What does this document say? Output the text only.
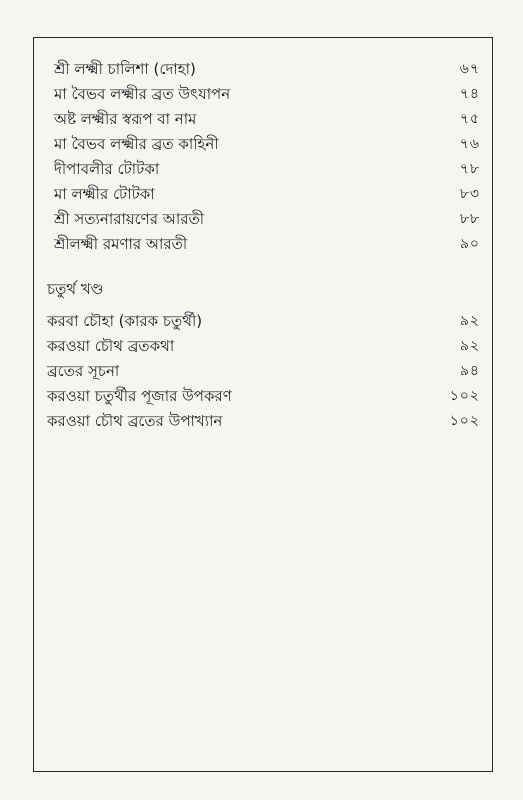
শ্রী লক্ষ্মী চালিশা (দোহা)	৬৭
মা বৈভব লক্ষ্মীর ব্রত উৎযাপন	৭৪
অষ্ট লক্ষ্মীর স্বরূপ বা নাম	৭৫
মা বৈভব লক্ষ্মীর ব্রত কাহিনী	৭৬
দীপাবলীর টোটকা	৭৮
মা লক্ষ্মীর টোটকা	৮৩
শ্রী সত্যনারায়ণের আরতী	৮৮
শ্রীলক্ষ্মী রমণার আরতী	৯০
চতুর্থ খণ্ড
করবা চৌহা (কারক চতুর্থী)	৯২
করওয়া চৌথ ব্রতকথা	৯২
ব্রতের সূচনা	৯৪
করওয়া চতুর্থীর পূজার উপকরণ	১০২
করওয়া চৌথ ব্রতের উপাখ্যান	১০২
